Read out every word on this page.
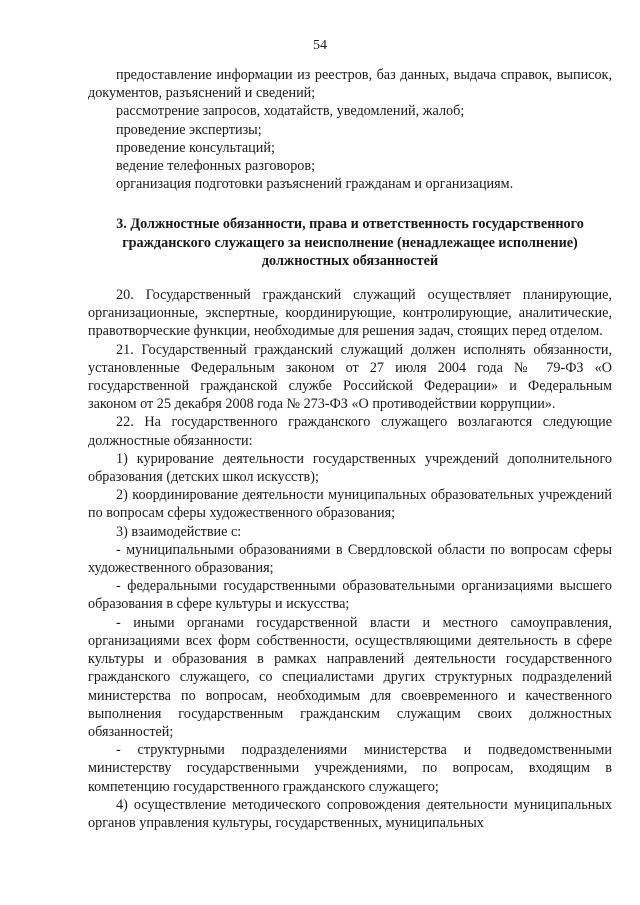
54

предоставление информации из реестров, баз данных, выдача справок, выписок, документов, разъяснений и сведений;

рассмотрение запросов, ходатайств, уведомлений, жалоб;

проведение экспертизы;

проведение консультаций;

ведение телефонных разговоров;

организация подготовки разъяснений гражданам и организациям.

3. Должностные обязанности, права и ответственность государственного гражданского служащего за неисполнение (ненадлежащее исполнение) должностных обязанностей

20. Государственный гражданский служащий осуществляет планирующие, организационные, экспертные, координирующие, контролирующие, аналитические, правотворческие функции, необходимые для решения задач, стоящих перед отделом.

21. Государственный гражданский служащий должен исполнять обязанности, установленные Федеральным законом от 27 июля 2004 года № 79-ФЗ «О государственной гражданской службе Российской Федерации» и Федеральным законом от 25 декабря 2008 года № 273-ФЗ «О противодействии коррупции».

22. На государственного гражданского служащего возлагаются следующие должностные обязанности:

1) курирование деятельности государственных учреждений дополнительного образования (детских школ искусств);

2) координирование деятельности муниципальных образовательных учреждений по вопросам сферы художественного образования;

3) взаимодействие с:

- муниципальными образованиями в Свердловской области по вопросам сферы художественного образования;

- федеральными государственными образовательными организациями высшего образования в сфере культуры и искусства;

- иными органами государственной власти и местного самоуправления, организациями всех форм собственности, осуществляющими деятельность в сфере культуры и образования в рамках направлений деятельности государственного гражданского служащего, со специалистами других структурных подразделений министерства по вопросам, необходимым для своевременного и качественного выполнения государственным гражданским служащим своих должностных обязанностей;

- структурными подразделениями министерства и подведомственными министерству государственными учреждениями, по вопросам, входящим в компетенцию государственного гражданского служащего;

4) осуществление методического сопровождения деятельности муниципальных органов управления культуры, государственных, муниципальных
